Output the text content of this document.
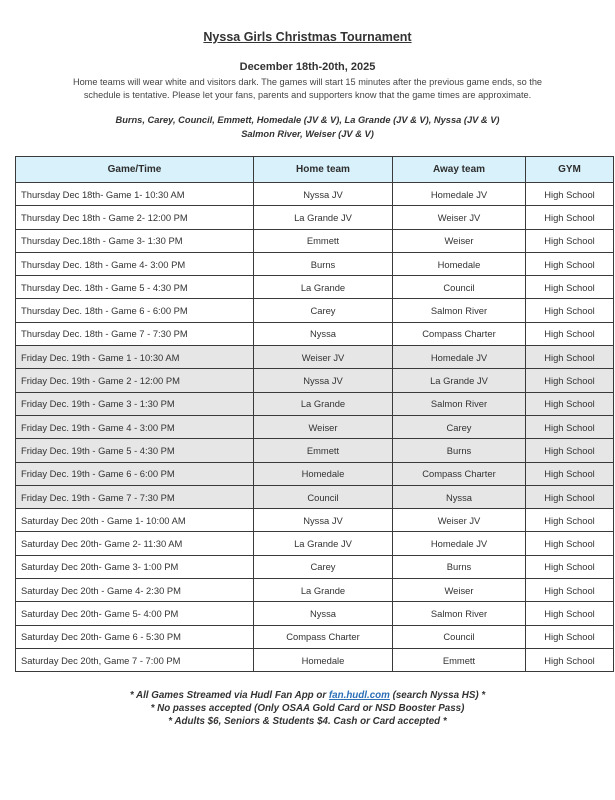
Nyssa Girls Christmas Tournament
December 18th-20th, 2025
Home teams will wear white and visitors dark. The games will start 15 minutes after the previous game ends, so the
schedule is tentative. Please let your fans, parents and supporters know that the game times are approximate.
Burns, Carey, Council, Emmett, Homedale (JV & V), La Grande (JV & V), Nyssa (JV & V)
Salmon River, Weiser (JV & V)
Game/Time	Home team	Away team	GYM
Thursday Dec 18th- Game 1- 10:30 AM	Nyssa JV	Homedale JV	High School
Thursday Dec 18th - Game 2- 12:00 PM	La Grande JV	Weiser JV	High School
Thursday Dec.18th - Game 3- 1:30 PM	Emmett	Weiser	High School
Thursday Dec. 18th - Game 4- 3:00 PM	Burns	Homedale	High School
Thursday Dec. 18th - Game 5 - 4:30 PM	La Grande	Council	High School
Thursday Dec. 18th - Game 6 - 6:00 PM	Carey	Salmon River	High School
Thursday Dec. 18th - Game 7 - 7:30 PM	Nyssa	Compass Charter	High School
Friday Dec. 19th - Game 1 - 10:30 AM	Weiser JV	Homedale JV	High School
Friday Dec. 19th - Game 2 - 12:00 PM	Nyssa JV	La Grande JV	High School
Friday Dec. 19th - Game 3 - 1:30 PM	La Grande	Salmon River	High School
Friday Dec. 19th - Game 4 - 3:00 PM	Weiser	Carey	High School
Friday Dec. 19th - Game 5 - 4:30 PM	Emmett	Burns	High School
Friday Dec. 19th - Game 6 - 6:00 PM	Homedale	Compass Charter	High School
Friday Dec. 19th - Game 7 - 7:30 PM	Council	Nyssa	High School
Saturday Dec 20th - Game 1- 10:00 AM	Nyssa JV	Weiser JV	High School
Saturday Dec 20th- Game 2- 11:30 AM	La Grande JV	Homedale JV	High School
Saturday Dec 20th- Game 3- 1:00 PM	Carey	Burns	High School
Saturday Dec 20th - Game 4- 2:30 PM	La Grande	Weiser	High School
Saturday Dec 20th- Game 5- 4:00 PM	Nyssa	Salmon River	High School
Saturday Dec 20th- Game 6 - 5:30 PM	Compass Charter	Council	High School
Saturday Dec 20th, Game 7 - 7:00 PM	Homedale	Emmett	High School
* All Games Streamed via Hudl Fan App or fan.hudl.com (search Nyssa HS) *
* No passes accepted (Only OSAA Gold Card or NSD Booster Pass)
* Adults $6, Seniors & Students $4. Cash or Card accepted *
